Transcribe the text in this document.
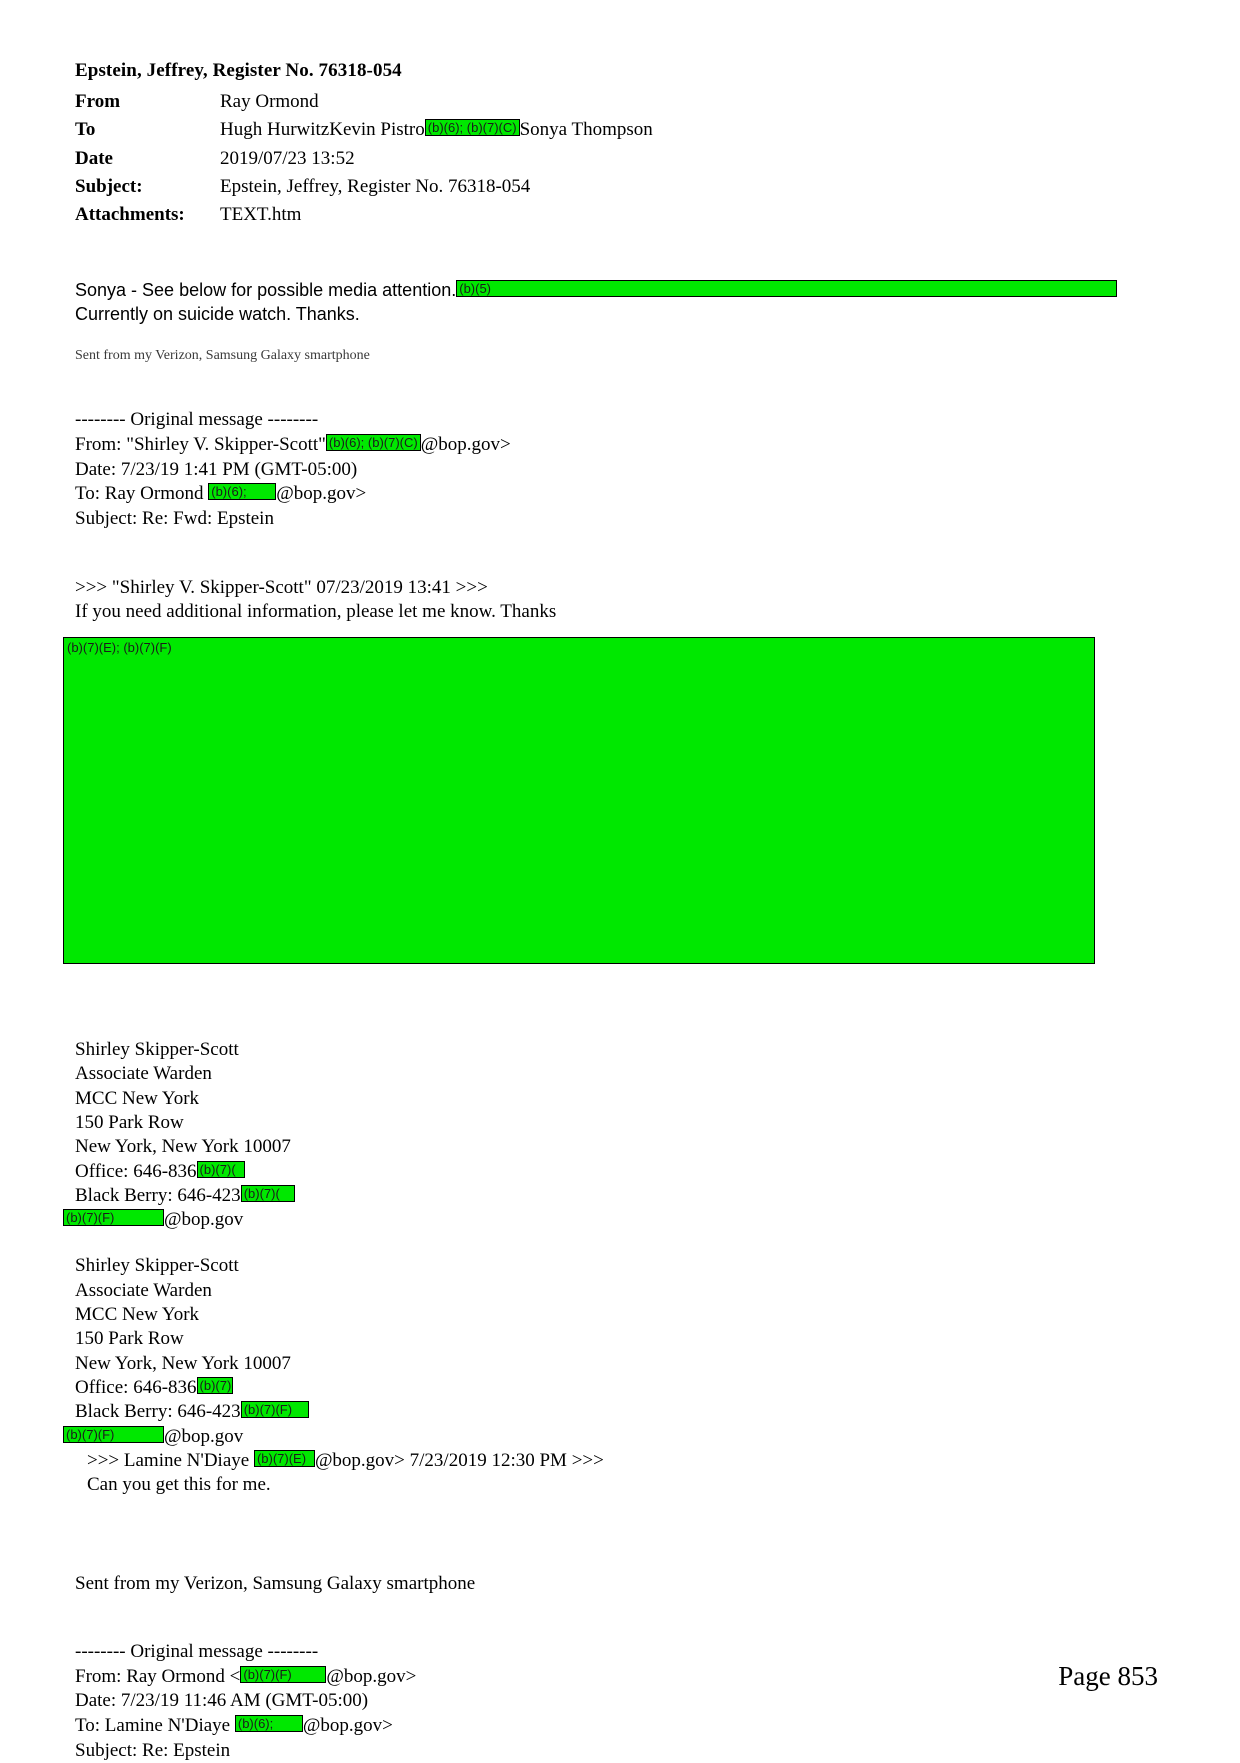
Epstein, Jeffrey, Register No. 76318-054
From	Ray Ormond
To	Hugh HurwitzKevin Pistro (b)(6); (b)(7)(C) Sonya Thompson
Date	2019/07/23 13:52
Subject:	Epstein, Jeffrey, Register No. 76318-054
Attachments:	TEXT.htm
Sonya - See below for possible media attention. (b)(5)
Currently on suicide watch. Thanks.
Sent from my Verizon, Samsung Galaxy smartphone
-------- Original message --------
From: "Shirley V. Skipper-Scott" (b)(6); (b)(7)(C) @bop.gov>
Date: 7/23/19 1:41 PM (GMT-05:00)
To: Ray Ormond (b)(6); @bop.gov>
Subject: Re: Fwd: Epstein
>>> "Shirley V. Skipper-Scott" 07/23/2019 13:41 >>>
If you need additional information, please let me know. Thanks
(b)(7)(E); (b)(7)(F)
Shirley Skipper-Scott
Associate Warden
MCC New York
150 Park Row
New York, New York 10007
Office: 646-836 (b)(7)(
Black Berry: 646-423 (b)(7)(
(b)(7)(F)	@bop.gov
Shirley Skipper-Scott
Associate Warden
MCC New York
150 Park Row
New York, New York 10007
Office: 646-836 (b)(7)
Black Berry: 646-423 (b)(7)(F)
(b)(7)(F)	@bop.gov
>>> Lamine N'Diaye (b)(7)(E) @bop.gov> 7/23/2019 12:30 PM >>>
Can you get this for me.
Sent from my Verizon, Samsung Galaxy smartphone
-------- Original message --------
From: Ray Ormond < (b)(7)(F) @bop.gov>
Date: 7/23/19 11:46 AM (GMT-05:00)
To: Lamine N'Diaye (b)(6); @bop.gov>
Subject: Re: Epstein
Page 853
